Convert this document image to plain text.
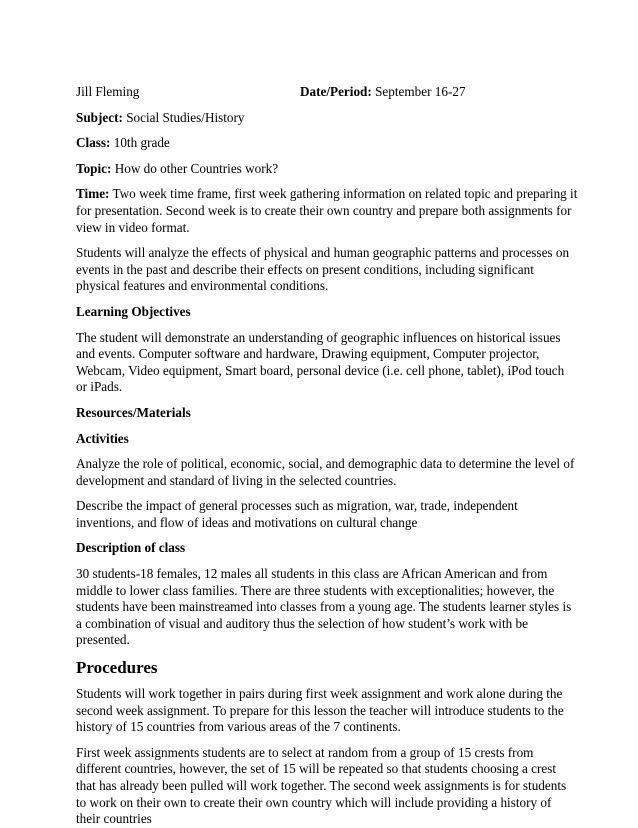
Jill Fleming	Date/Period: September 16-27

Subject: Social Studies/History

Class: 10th grade

Topic: How do other Countries work?

Time: Two week time frame, first week gathering information on related topic and preparing it for presentation. Second week is to create their own country and prepare both assignments for view in video format.

Students will analyze the effects of physical and human geographic patterns and processes on events in the past and describe their effects on present conditions, including significant physical features and environmental conditions.

Learning Objectives

The student will demonstrate an understanding of geographic influences on historical issues and events. Computer software and hardware, Drawing equipment, Computer projector, Webcam, Video equipment, Smart board, personal device (i.e. cell phone, tablet), iPod touch or iPads.

Resources/Materials

Activities

Analyze the role of political, economic, social, and demographic data to determine the level of development and standard of living in the selected countries.

Describe the impact of general processes such as migration, war, trade, independent inventions, and flow of ideas and motivations on cultural change

Description of class

30 students-18 females, 12 males all students in this class are African American and from middle to lower class families. There are three students with exceptionalities; however, the students have been mainstreamed into classes from a young age. The students learner styles is a combination of visual and auditory thus the selection of how student’s work with be presented.

Procedures

Students will work together in pairs during first week assignment and work alone during the second week assignment. To prepare for this lesson the teacher will introduce students to the history of 15 countries from various areas of the 7 continents.

First week assignments students are to select at random from a group of 15 crests from different countries, however, the set of 15 will be repeated so that students choosing a crest that has already been pulled will work together. The second week assignments is for students to work on their own to create their own country which will include providing a history of their countries
